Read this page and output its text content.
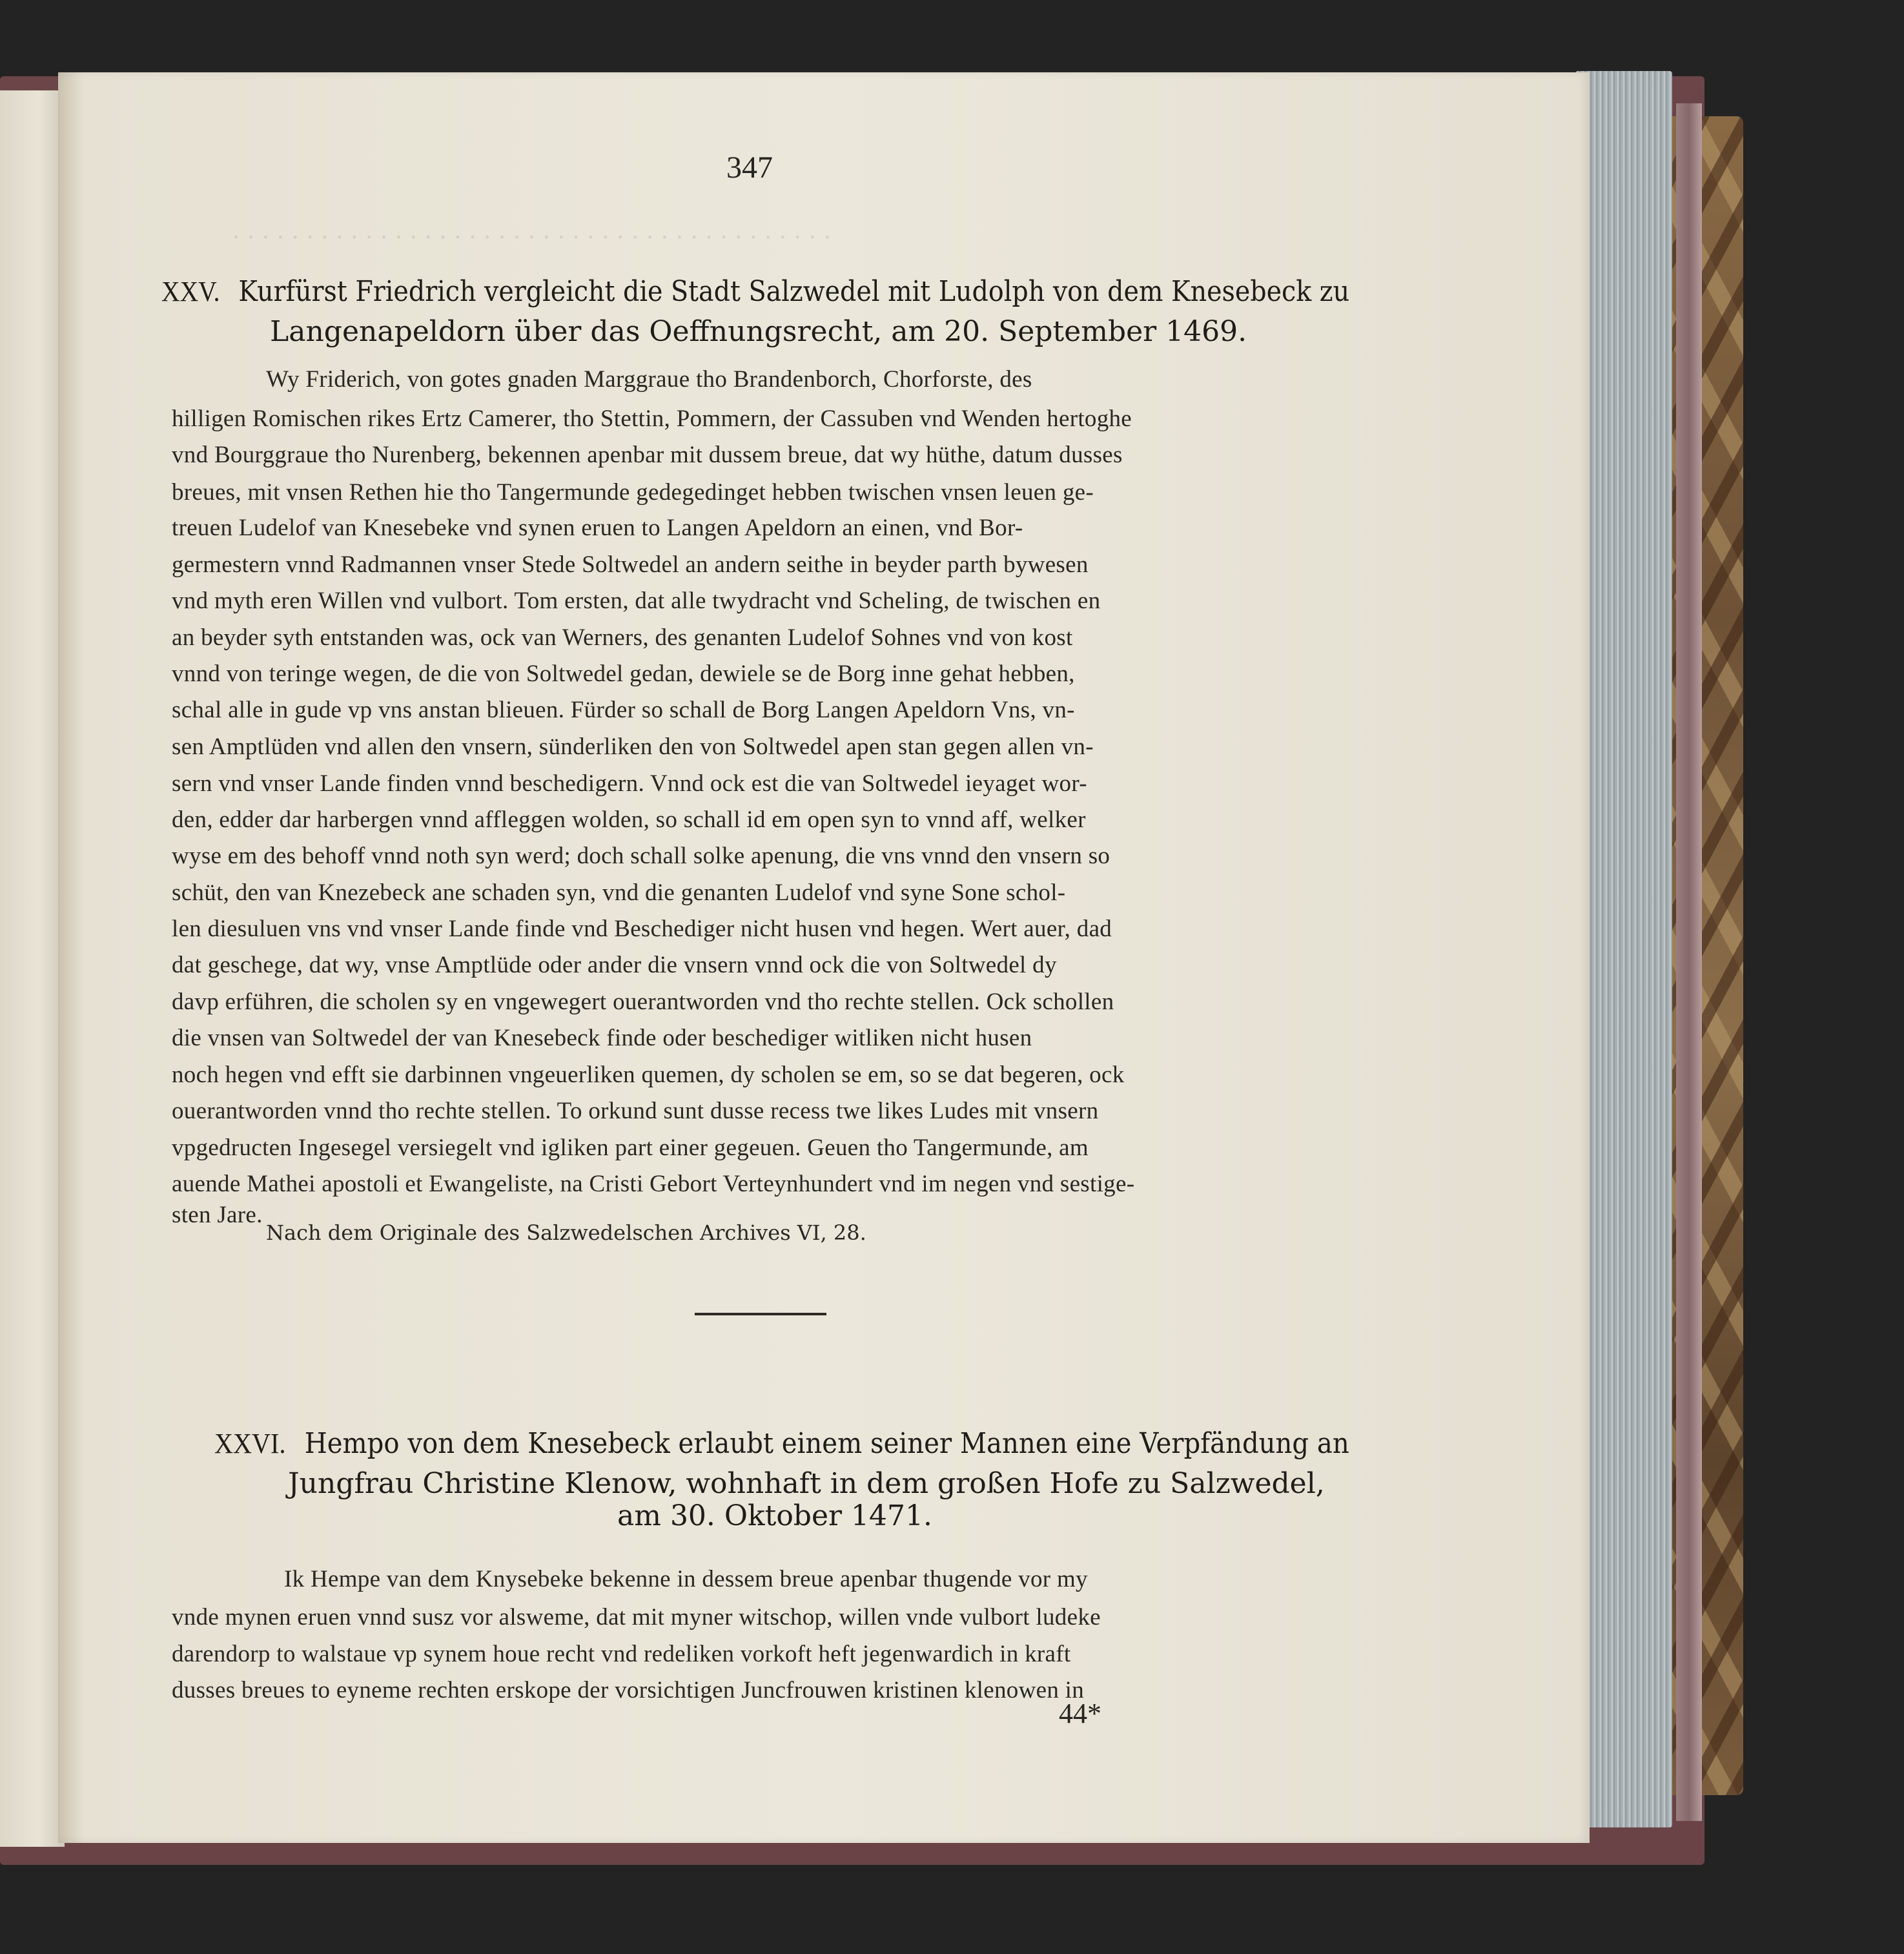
· · · · · · · · · · · · · · · · · · · · · · · · · · · · · · · · · · · · · · · · ·
347
XXV. Kurfürst Friedrich vergleicht die Stadt Salzwedel mit Ludolph von dem Knesebeck zu
Langenapeldorn über das Oeffnungsrecht, am 20. September 1469.
Wy Friderich, von gotes gnaden Marggraue tho Brandenborch, Chorforste, des
hilligen Romischen rikes Ertz Camerer, tho Stettin, Pommern, der Cassuben vnd Wenden hertoghe
vnd Bourggraue tho Nurenberg, bekennen apenbar mit dussem breue, dat wy hüthe, datum dusses
breues, mit vnsen Rethen hie tho Tangermunde gedegedinget hebben twischen vnsen leuen ge-
treuen Ludelof van Knesebeke vnd synen eruen to Langen Apeldorn an einen, vnd Bor-
germestern vnnd Radmannen vnser Stede Soltwedel an andern seithe in beyder parth bywesen
vnd myth eren Willen vnd vulbort. Tom ersten, dat alle twydracht vnd Scheling, de twischen en
an beyder syth entstanden was, ock van Werners, des genanten Ludelof Sohnes vnd von kost
vnnd von teringe wegen, de die von Soltwedel gedan, dewiele se de Borg inne gehat hebben,
schal alle in gude vp vns anstan blieuen. Fürder so schall de Borg Langen Apeldorn Vns, vn-
sen Amptlüden vnd allen den vnsern, sünderliken den von Soltwedel apen stan gegen allen vn-
sern vnd vnser Lande finden vnnd beschedigern. Vnnd ock est die van Soltwedel ieyaget wor-
den, edder dar harbergen vnnd affleggen wolden, so schall id em open syn to vnnd aff, welker
wyse em des behoff vnnd noth syn werd; doch schall solke apenung, die vns vnnd den vnsern so
schüt, den van Knezebeck ane schaden syn, vnd die genanten Ludelof vnd syne Sone schol-
len diesuluen vns vnd vnser Lande finde vnd Beschediger nicht husen vnd hegen. Wert auer, dad
dat geschege, dat wy, vnse Amptlüde oder ander die vnsern vnnd ock die von Soltwedel dy
davp erführen, die scholen sy en vngewegert ouerantworden vnd tho rechte stellen. Ock schollen
die vnsen van Soltwedel der van Knesebeck finde oder beschediger witliken nicht husen
noch hegen vnd efft sie darbinnen vngeuerliken quemen, dy scholen se em, so se dat begeren, ock
ouerantworden vnnd tho rechte stellen. To orkund sunt dusse recess twe likes Ludes mit vnsern
vpgedructen Ingesegel versiegelt vnd igliken part einer gegeuen. Geuen tho Tangermunde, am
auende Mathei apostoli et Ewangeliste, na Cristi Gebort Verteynhundert vnd im negen vnd sestige-
sten Jare.
Nach dem Originale des Salzwedelschen Archives VI, 28.
XXVI. Hempo von dem Knesebeck erlaubt einem seiner Mannen eine Verpfändung an
Jungfrau Christine Klenow, wohnhaft in dem großen Hofe zu Salzwedel,
am 30. Oktober 1471.
Ik Hempe van dem Knysebeke bekenne in dessem breue apenbar thugende vor my
vnde mynen eruen vnnd susz vor alsweme, dat mit myner witschop, willen vnde vulbort ludeke
darendorp to walstaue vp synem houe recht vnd redeliken vorkoft heft jegenwardich in kraft
dusses breues to eyneme rechten erskope der vorsichtigen Juncfrouwen kristinen klenowen in
44*
